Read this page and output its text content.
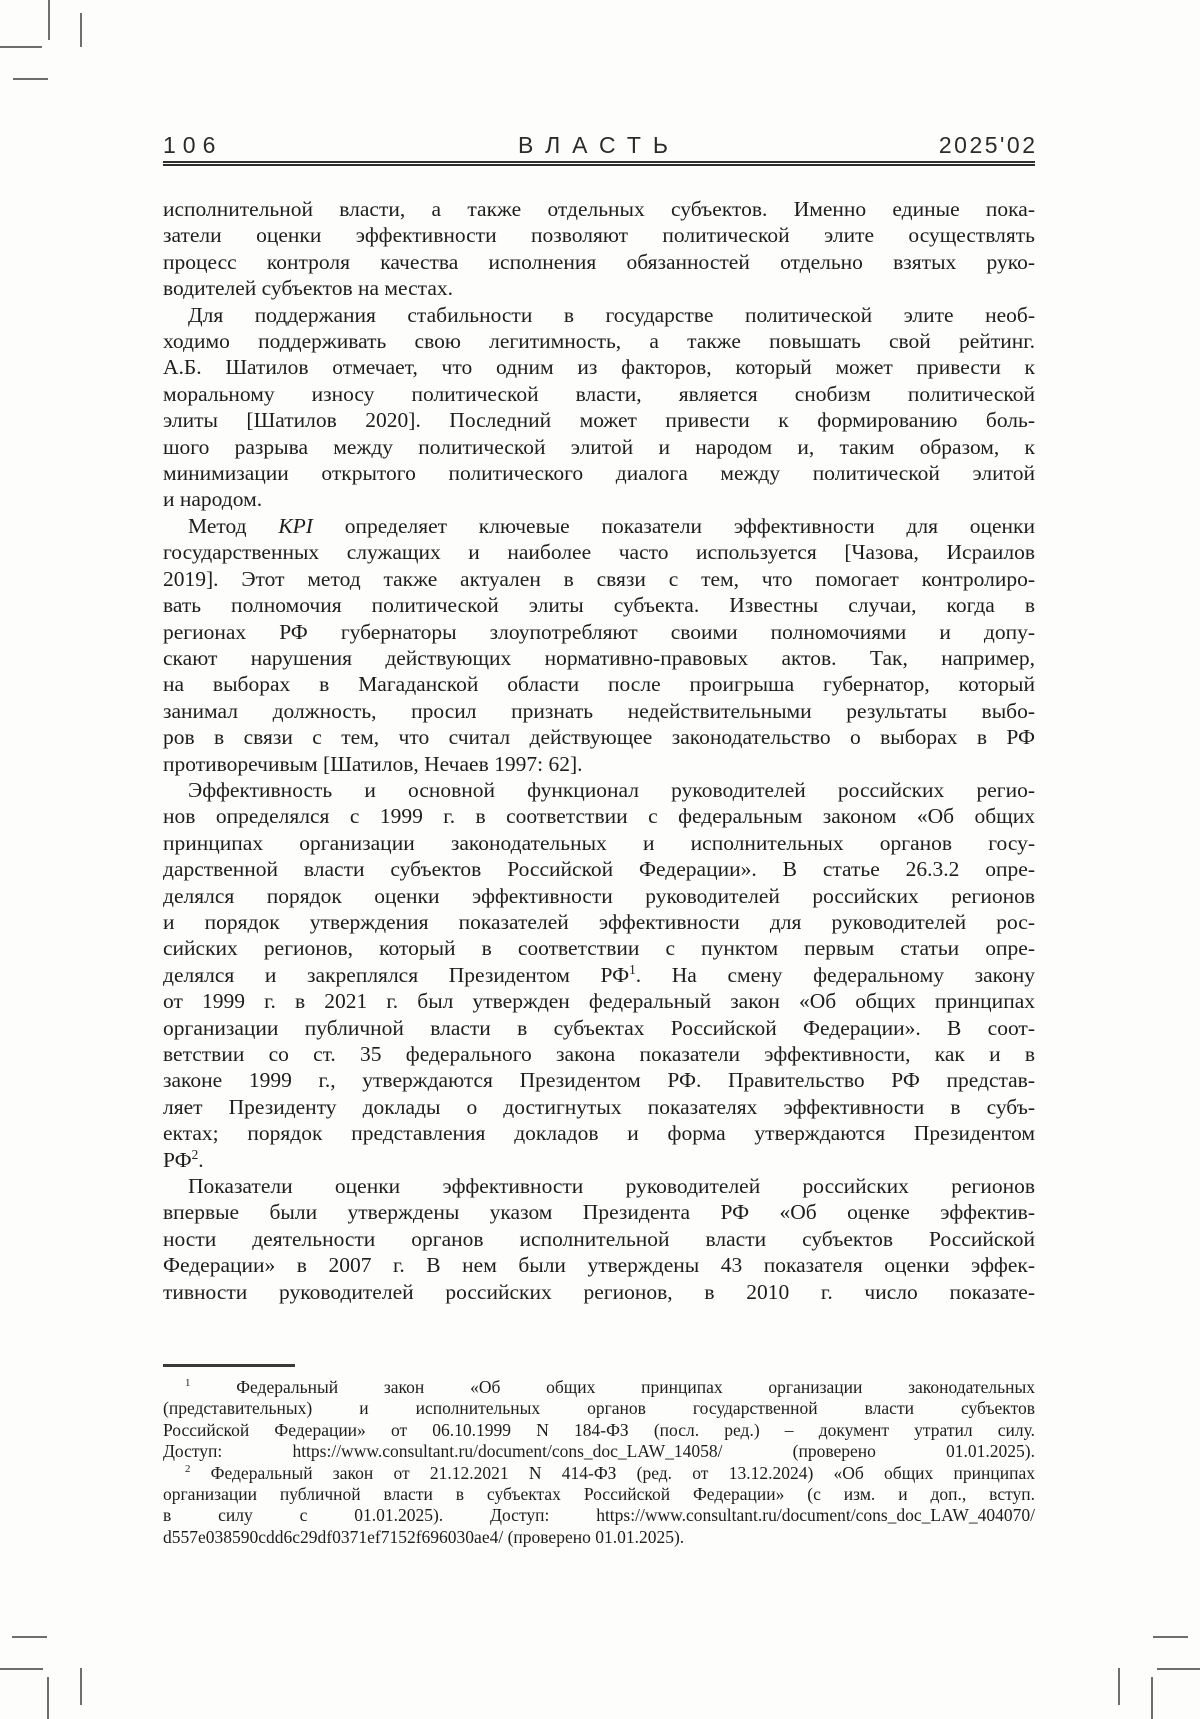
106	ВЛАСТЬ	2025'02
исполнительной власти, а также отдельных субъектов. Именно единые пока-
затели оценки эффективности позволяют политической элите осуществлять
процесс контроля качества исполнения обязанностей отдельно взятых руко-
водителей субъектов на местах.
Для поддержания стабильности в государстве политической элите необ-
ходимо поддерживать свою легитимность, а также повышать свой рейтинг.
А.Б. Шатилов отмечает, что одним из факторов, который может привести к
моральному износу политической власти, является снобизм политической
элиты [Шатилов 2020]. Последний может привести к формированию боль-
шого разрыва между политической элитой и народом и, таким образом, к
минимизации открытого политического диалога между политической элитой
и народом.
Метод KPI определяет ключевые показатели эффективности для оценки
государственных служащих и наиболее часто используется [Чазова, Исраилов
2019]. Этот метод также актуален в связи с тем, что помогает контролиро-
вать полномочия политической элиты субъекта. Известны случаи, когда в
регионах РФ губернаторы злоупотребляют своими полномочиями и допу-
скают нарушения действующих нормативно-правовых актов. Так, например,
на выборах в Магаданской области после проигрыша губернатор, который
занимал должность, просил признать недействительными результаты выбо-
ров в связи с тем, что считал действующее законодательство о выборах в РФ
противоречивым [Шатилов, Нечаев 1997: 62].
Эффективность и основной функционал руководителей российских регио-
нов определялся с 1999 г. в соответствии с федеральным законом «Об общих
принципах организации законодательных и исполнительных органов госу-
дарственной власти субъектов Российской Федерации». В статье 26.3.2 опре-
делялся порядок оценки эффективности руководителей российских регионов
и порядок утверждения показателей эффективности для руководителей рос-
сийских регионов, который в соответствии с пунктом первым статьи опре-
делялся и закреплялся Президентом $РФ^1$. На смену федеральному закону
от 1999 г. в 2021 г. был утвержден федеральный закон «Об общих принципах
организации публичной власти в субъектах Российской Федерации». В соот-
ветствии со ст. 35 федерального закона показатели эффективности, как и в
законе 1999 г., утверждаются Президентом РФ. Правительство РФ представ-
ляет Президенту доклады о достигнутых показателях эффективности в субъ-
ектах; порядок представления докладов и форма утверждаются Президентом
$РФ^2$.
Показатели оценки эффективности руководителей российских регионов
впервые были утверждены указом Президента РФ «Об оценке эффектив-
ности деятельности органов исполнительной власти субъектов Российской
Федерации» в 2007 г. В нем были утверждены 43 показателя оценки эффек-
тивности руководителей российских регионов, в 2010 г. число показате-
$^1$ Федеральный закон «Об общих принципах организации законодательных
(представительных) и исполнительных органов государственной власти субъектов
Российской Федерации» от 06.10.1999 N 184-ФЗ (посл. ред.) – документ утратил силу.
Доступ: https://www.consultant.ru/document/cons_doc_LAW_14058/ (проверено 01.01.2025).
$^2$ Федеральный закон от 21.12.2021 N 414-ФЗ (ред. от 13.12.2024) «Об общих принципах
организации публичной власти в субъектах Российской Федерации» (с изм. и доп., вступ.
в силу с 01.01.2025). Доступ: https://www.consultant.ru/document/cons_doc_LAW_404070/
d557e038590cdd6c29df0371ef7152f696030ae4/ (проверено 01.01.2025).
